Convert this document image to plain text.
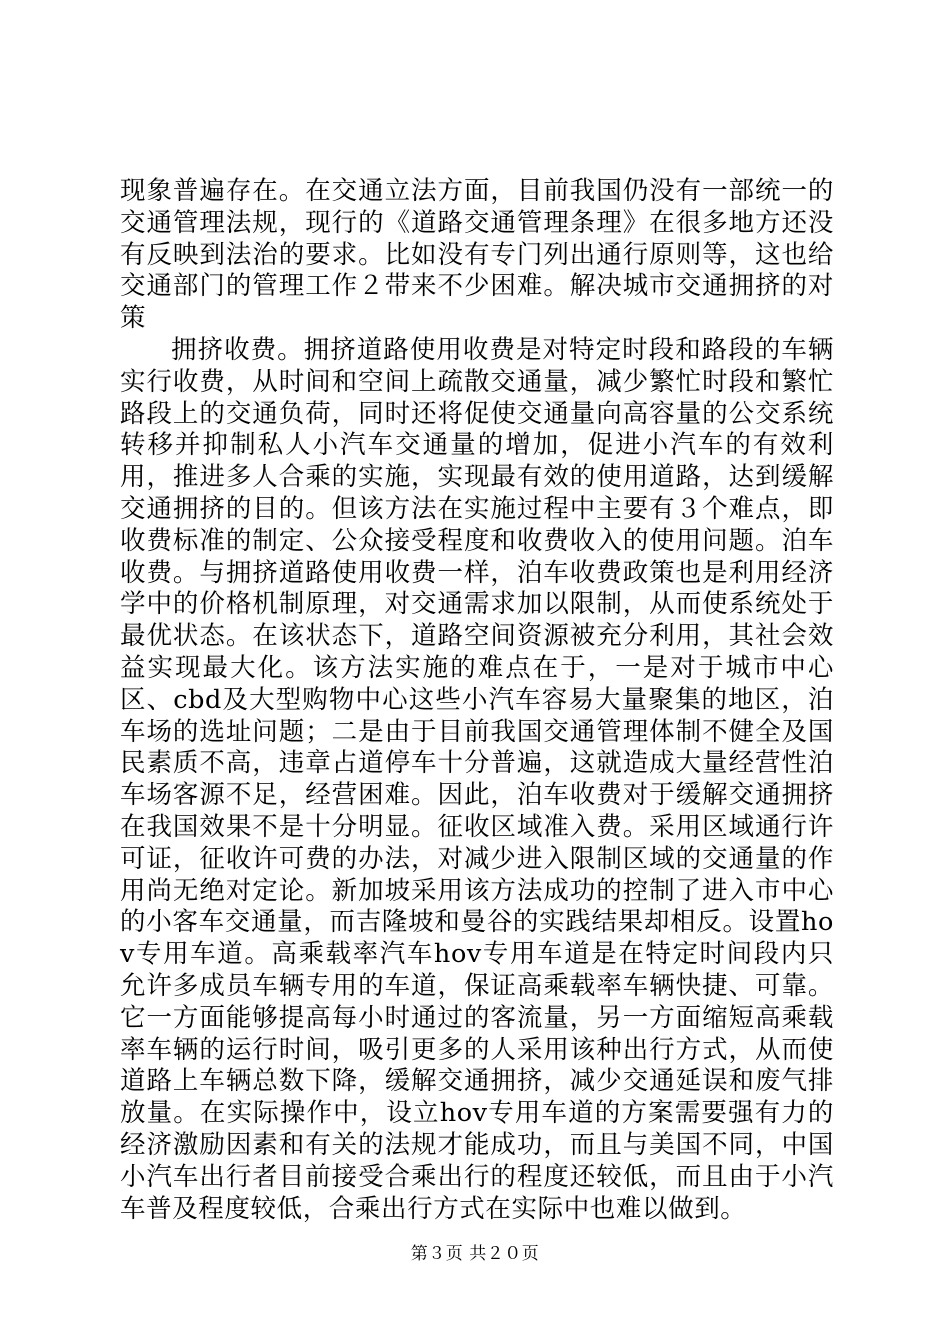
现象普遍存在。在交通立法方面，目前我国仍没有一部统一的交通管理法规，现行的《道路交通管理条理》在很多地方还没有反映到法治的要求。比如没有专门列出通行原则等，这也给交通部门的管理工作２带来不少困难。解决城市交通拥挤的对策

拥挤收费。拥挤道路使用收费是对特定时段和路段的车辆实行收费，从时间和空间上疏散交通量，减少繁忙时段和繁忙路段上的交通负荷，同时还将促使交通量向高容量的公交系统转移并抑制私人小汽车交通量的增加，促进小汽车的有效利用，推进多人合乘的实施，实现最有效的使用道路，达到缓解交通拥挤的目的。但该方法在实施过程中主要有３个难点，即收费标准的制定、公众接受程度和收费收入的使用问题。泊车收费。与拥挤道路使用收费一样，泊车收费政策也是利用经济学中的价格机制原理，对交通需求加以限制，从而使系统处于最优状态。在该状态下，道路空间资源被充分利用，其社会效益实现最大化。该方法实施的难点在于，一是对于城市中心区、cbd及大型购物中心这些小汽车容易大量聚集的地区，泊车场的选址问题；二是由于目前我国交通管理体制不健全及国民素质不高，违章占道停车十分普遍，这就造成大量经营性泊车场客源不足，经营困难。因此，泊车收费对于缓解交通拥挤在我国效果不是十分明显。征收区域准入费。采用区域通行许可证，征收许可费的办法，对减少进入限制区域的交通量的作用尚无绝对定论。新加坡采用该方法成功的控制了进入市中心的小客车交通量，而吉隆坡和曼谷的实践结果却相反。设置hov专用车道。高乘载率汽车hov专用车道是在特定时间段内只允许多成员车辆专用的车道，保证高乘载率车辆快捷、可靠。它一方面能够提高每小时通过的客流量，另一方面缩短高乘载率车辆的运行时间，吸引更多的人采用该种出行方式，从而使道路上车辆总数下降，缓解交通拥挤，减少交通延误和废气排放量。在实际操作中，设立hov专用车道的方案需要强有力的经济激励因素和有关的法规才能成功，而且与美国不同，中国小汽车出行者目前接受合乘出行的程度还较低，而且由于小汽车普及程度较低，合乘出行方式在实际中也难以做到。

第３页 共２０页
